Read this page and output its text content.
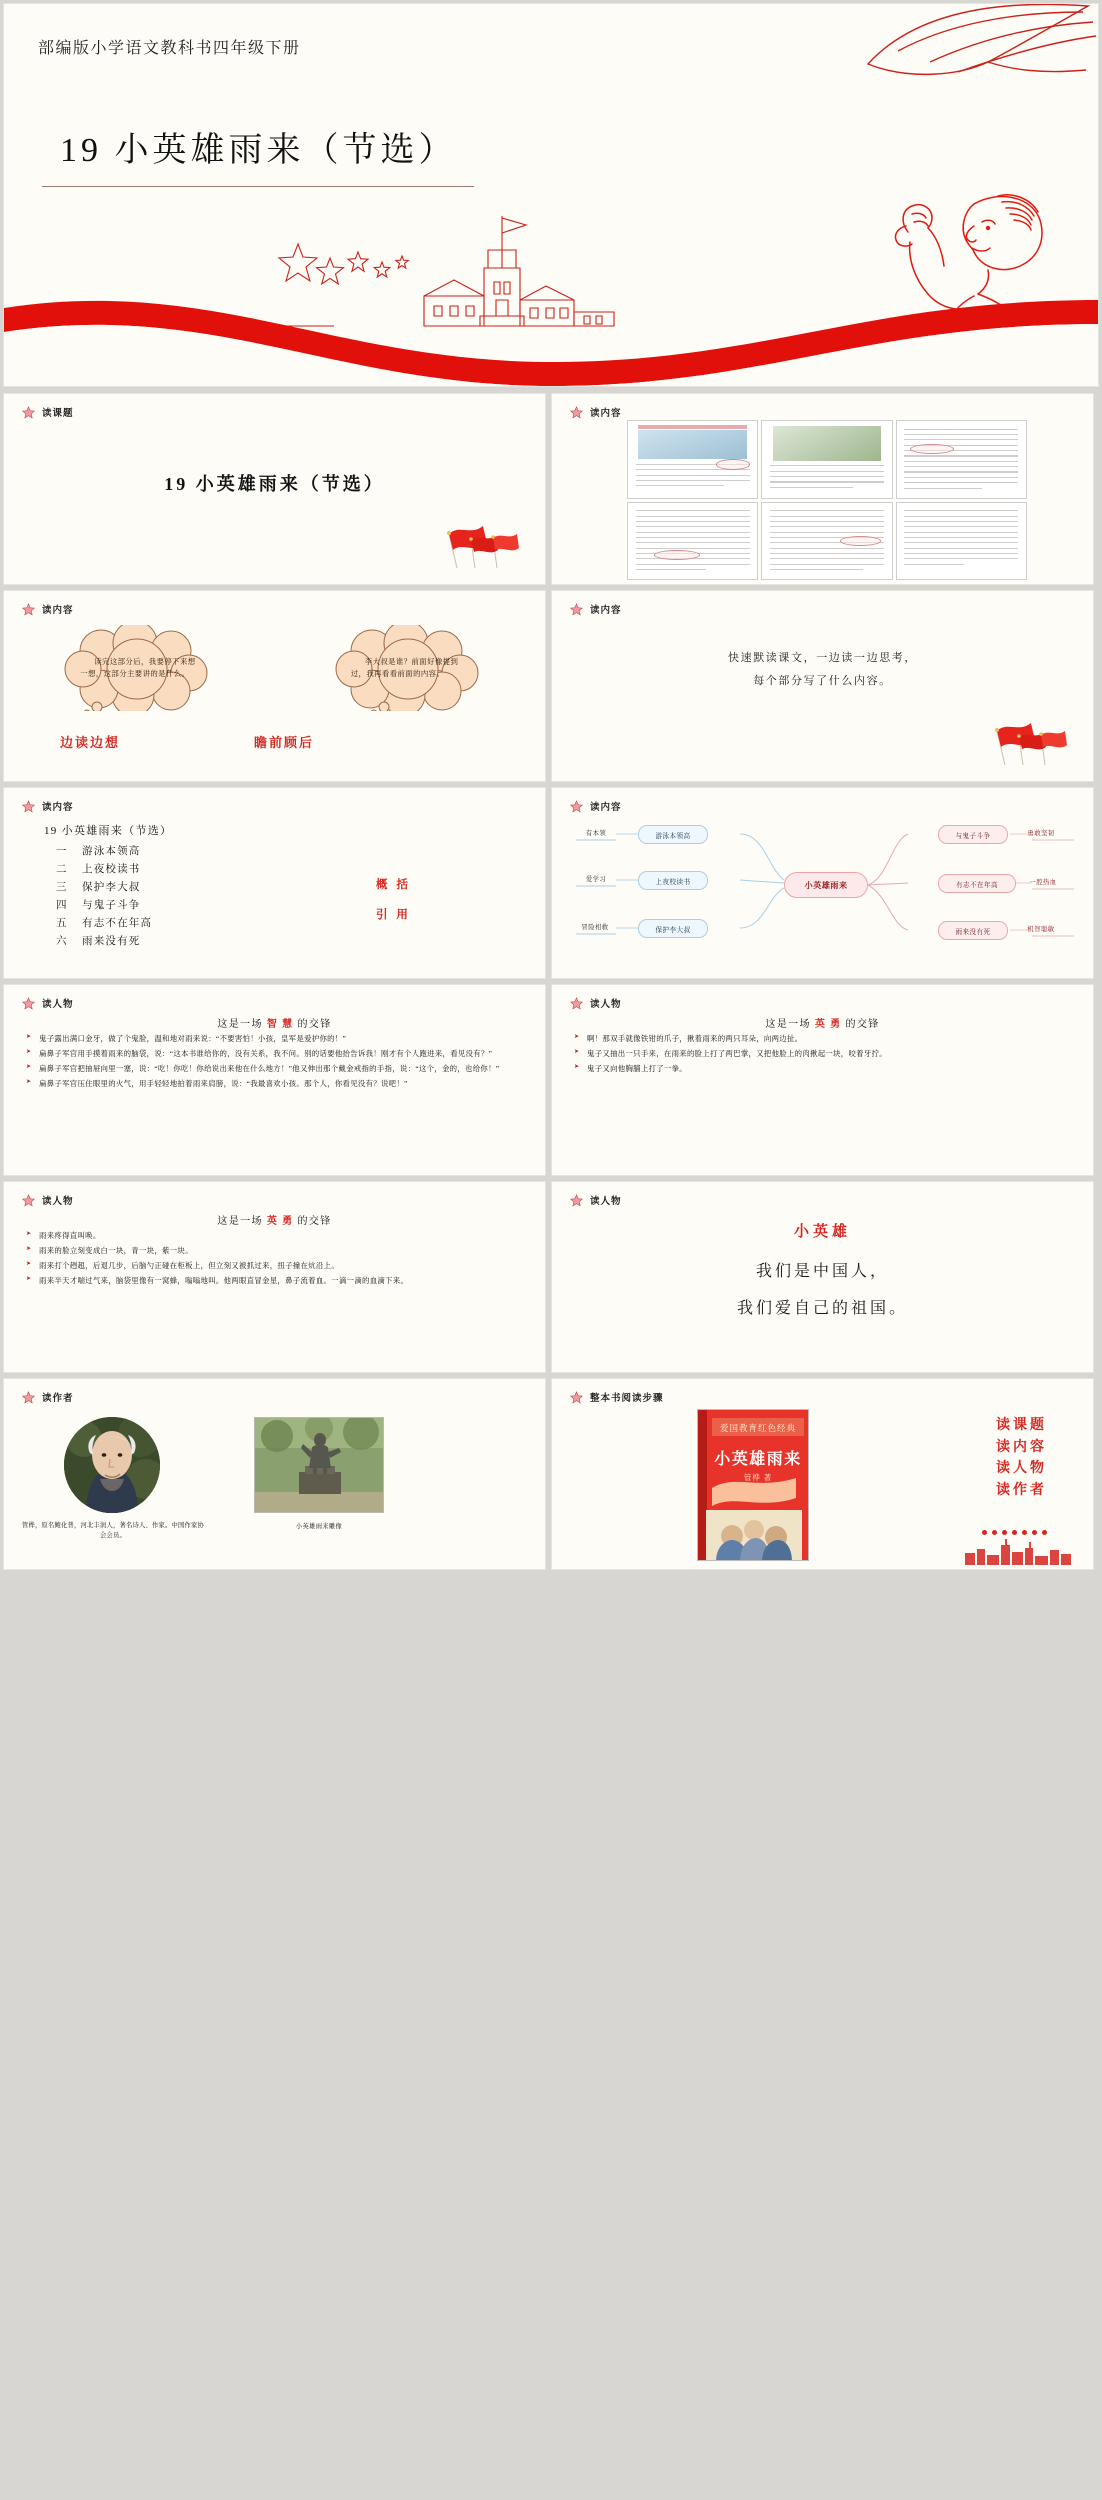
部编版小学语文教科书四年级下册
19 小英雄雨来（节选）
读课题
19 小英雄雨来（节选）
读内容
读内容
读完这部分后，我要停下来想一想，这部分主要讲的是什么。
李大叔是谁？前面好像提到过，我再看看前面的内容。
边读边想	瞻前顾后
读内容
快速默读课文，一边读一边思考，
每个部分写了什么内容。
读内容
19 小英雄雨来（节选）
一 游泳本领高
二 上夜校读书
三 保护李大叔
四 与鬼子斗争
五 有志不在年高
六 雨来没有死
概 括
引 用
读内容
小英雄雨来
有本领	游泳本领高
爱学习	上夜校读书
冒险相救	保护李大叔
与鬼子斗争	勇敢坚韧
有志不在年高	一腔热血
雨来没有死	机智聪敏
读人物
这是一场 智 慧 的交锋
➤ 鬼子露出满口金牙，做了个鬼脸，温和地对雨来说：“不要害怕！小孩，皇军是爱护你的！”
➤ 扁鼻子军官用手摸着雨来的脑袋，说：“这本书谁给你的，没有关系，我不问。别的话要他抬告诉我！刚才有个人跑进来，看见没有？”
➤ 扁鼻子军官把抽屉向里一塞，说：“吃！你吃！你给说出来他在什么地方！”他又伸出那个戴金戒指的手指，说：“这个，金的，也给你！”
➤ 扁鼻子军官压住眼里的火气，用手轻轻地拍着雨来肩膀，说：“我最喜欢小孩。那个人，你看见没有？说吧！”
读人物
这是一场 英 勇 的交锋
➤ 啊！那双手就像铁钳的爪子，揪着雨来的两只耳朵，向两边扯。
➤ 鬼子又抽出一只手来，在雨来的脸上打了两巴掌，又把他脸上的肉揪起一块，咬着牙拧。
➤ 鬼子又向他胸脯上打了一拳。
读人物
这是一场 英 勇 的交锋
➤ 雨来疼得直叫唤。
➤ 雨来的脸立刻变成白一块，青一块，紫一块。
➤ 雨来打个趔趄，后退几步，后脑勺正碰在柜板上，但立刻又被抓过来，扭子撞在炕沿上。
➤ 雨来半天才喘过气来，脑袋里像有一窝蜂，嗡嗡地叫。他两眼直冒金星，鼻子流着血。一滴一滴的血滴下来。
读人物
小英雄
我们是中国人，
我们爱自己的祖国。
读作者
管桦，原名鲍化普，河北丰润人，著名诗人、作家。中国作家协会会员。
小英雄雨来雕像
整本书阅读步骤
爱国教育红色经典
小英雄雨来
管桦 著
读课题
读内容
读人物
读作者
